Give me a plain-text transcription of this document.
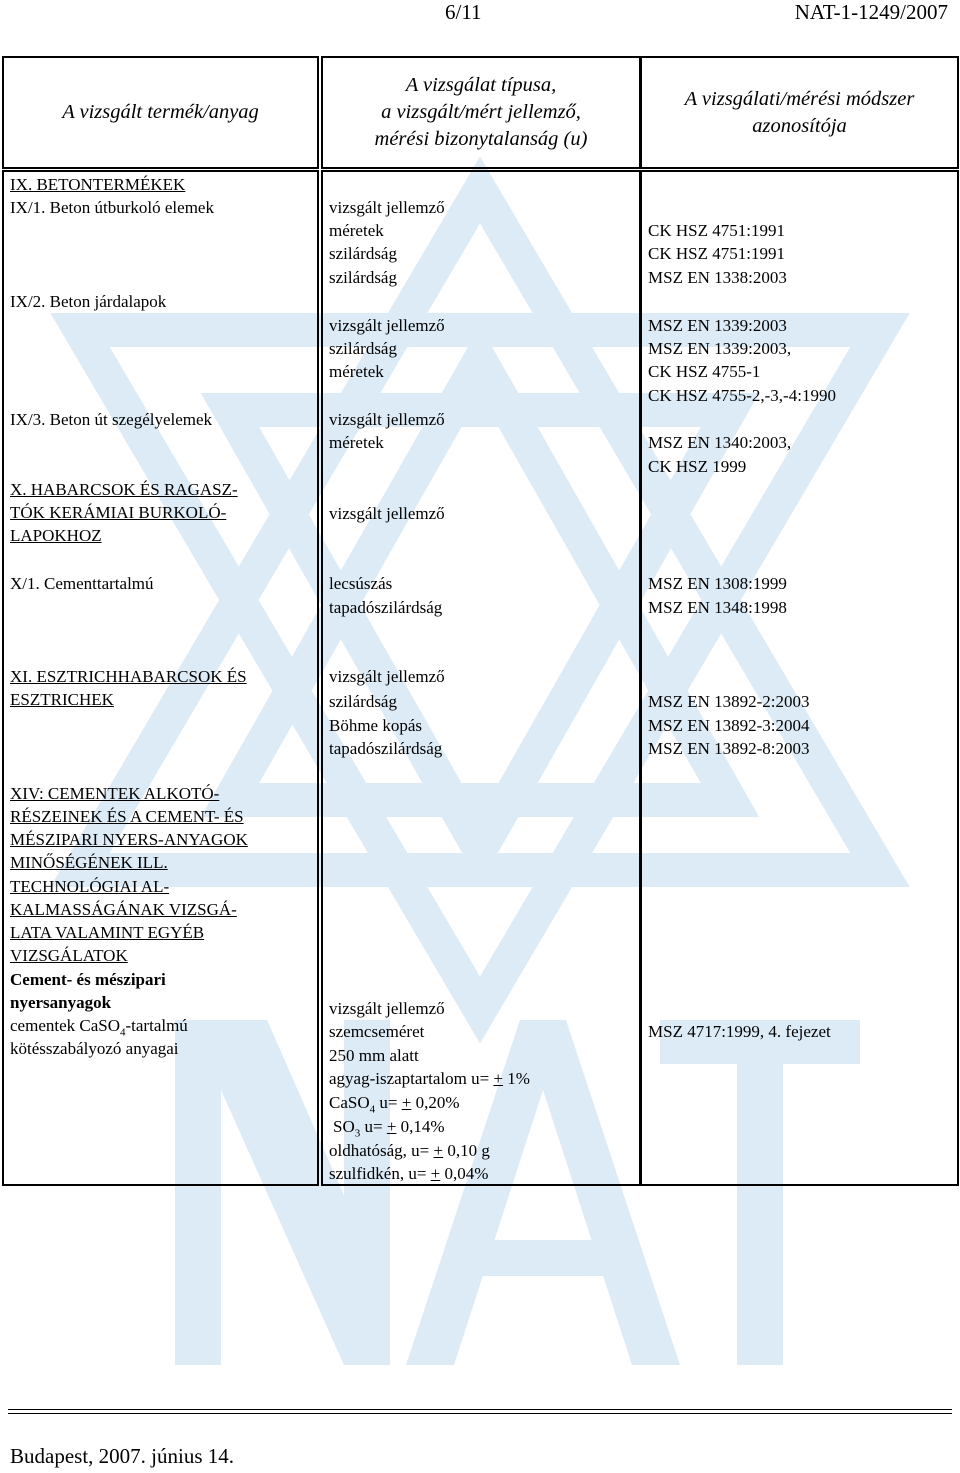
6/11	NAT-1-1249/2007
A vizsgált termék/anyag
A vizsgálat típusa,
a vizsgált/mért jellemző,
mérési bizonytalanság (u)
A vizsgálati/mérési módszer
azonosítója
IX. BETONTERMÉKEK
IX/1. Beton útburkoló elemek
IX/2. Beton járdalapok
IX/3. Beton út szegélyelemek
X. HABARCSOK ÉS RAGASZ-
TÓK KERÁMIAI BURKOLÓ-
LAPOKHOZ
X/1. Cementtartalmú
XI. ESZTRICHHABARCSOK ÉS
ESZTRICHEK
XIV: CEMENTEK ALKOTÓ-
RÉSZEINEK ÉS A CEMENT- ÉS
MÉSZIPARI NYERS-ANYAGOK
MINŐSÉGÉNEK ILL.
TECHNOLÓGIAI AL-
KALMASSÁGÁNAK VIZSGÁ-
LATA VALAMINT EGYÉB
VIZSGÁLATOK
Cement- és mészipari
nyersanyagok
cementek CaSO$_4$-tartalmú
kötésszabályozó anyagai
vizsgált jellemző
méretek
szilárdság
szilárdság
vizsgált jellemző
szilárdság
méretek
vizsgált jellemző
méretek
vizsgált jellemző
lecsúszás
tapadószilárdság
vizsgált jellemző
szilárdság
Böhme kopás
tapadószilárdság
vizsgált jellemző
szemcseméret
250 mm alatt
agyag-iszaptartalom u= + 1%
CaSO$_4$ u= + 0,20%
$SO_3$ u= + 0,14%
oldhatóság, u= + 0,10 g
szulfidkén, u= + 0,04%
CK HSZ 4751:1991
CK HSZ 4751:1991
MSZ EN 1338:2003
MSZ EN 1339:2003
MSZ EN 1339:2003,
CK HSZ 4755-1
CK HSZ 4755-2,-3,-4:1990
MSZ EN 1340:2003,
CK HSZ 1999
MSZ EN 1308:1999
MSZ EN 1348:1998
MSZ EN 13892-2:2003
MSZ EN 13892-3:2004
MSZ EN 13892-8:2003
MSZ 4717:1999, 4. fejezet
Budapest, 2007. június 14.
